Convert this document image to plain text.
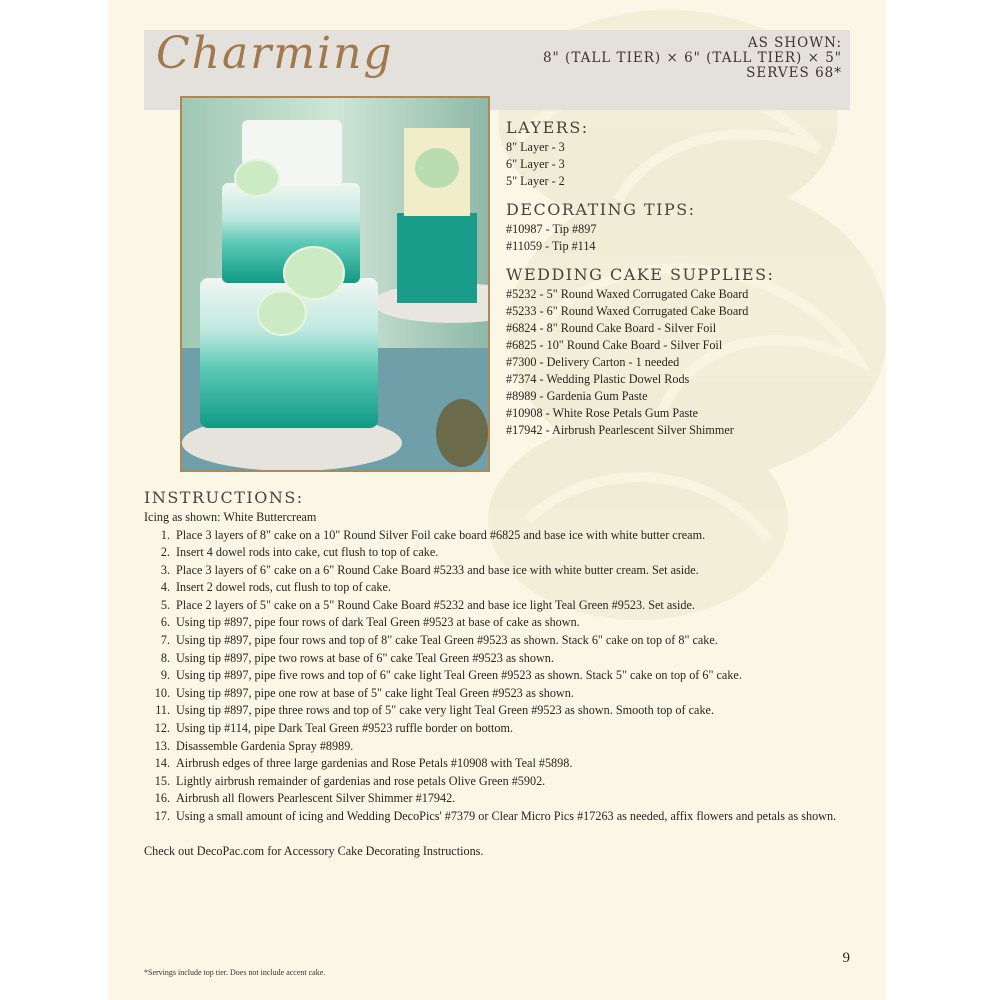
Charming	AS SHOWN:
8" (TALL TIER) × 6" (TALL TIER) × 5"
SERVES 68*
LAYERS:
8" Layer - 3
6" Layer - 3
5" Layer - 2
DECORATING TIPS:
#10987 - Tip #897
#11059 - Tip #114
WEDDING CAKE SUPPLIES:
#5232 - 5" Round Waxed Corrugated Cake Board
#5233 - 6" Round Waxed Corrugated Cake Board
#6824 - 8" Round Cake Board - Silver Foil
#6825 - 10" Round Cake Board - Silver Foil
#7300 - Delivery Carton - 1 needed
#7374 - Wedding Plastic Dowel Rods
#8989 - Gardenia Gum Paste
#10908 - White Rose Petals Gum Paste
#17942 - Airbrush Pearlescent Silver Shimmer
INSTRUCTIONS:
Icing as shown: White Buttercream
1. Place 3 layers of 8" cake on a 10" Round Silver Foil cake board #6825 and base ice with white butter cream.
2. Insert 4 dowel rods into cake, cut flush to top of cake.
3. Place 3 layers of 6" cake on a 6" Round Cake Board #5233 and base ice with white butter cream. Set aside.
4. Insert 2 dowel rods, cut flush to top of cake.
5. Place 2 layers of 5" cake on a 5" Round Cake Board #5232 and base ice light Teal Green #9523. Set aside.
6. Using tip #897, pipe four rows of dark Teal Green #9523 at base of cake as shown.
7. Using tip #897, pipe four rows and top of 8" cake Teal Green #9523 as shown. Stack 6" cake on top of 8" cake.
8. Using tip #897, pipe two rows at base of 6" cake Teal Green #9523 as shown.
9. Using tip #897, pipe five rows and top of 6" cake light Teal Green #9523 as shown. Stack 5" cake on top of 6" cake.
10. Using tip #897, pipe one row at base of 5" cake light Teal Green #9523 as shown.
11. Using tip #897, pipe three rows and top of 5" cake very light Teal Green #9523 as shown. Smooth top of cake.
12. Using tip #114, pipe Dark Teal Green #9523 ruffle border on bottom.
13. Disassemble Gardenia Spray #8989.
14. Airbrush edges of three large gardenias and Rose Petals #10908 with Teal #5898.
15. Lightly airbrush remainder of gardenias and rose petals Olive Green #5902.
16. Airbrush all flowers Pearlescent Silver Shimmer #17942.
17. Using a small amount of icing and Wedding DecoPics' #7379 or Clear Micro Pics #17263 as needed, affix flowers and petals as shown.
Check out DecoPac.com for Accessory Cake Decorating Instructions.
9
*Servings include top tier. Does not include accent cake.
